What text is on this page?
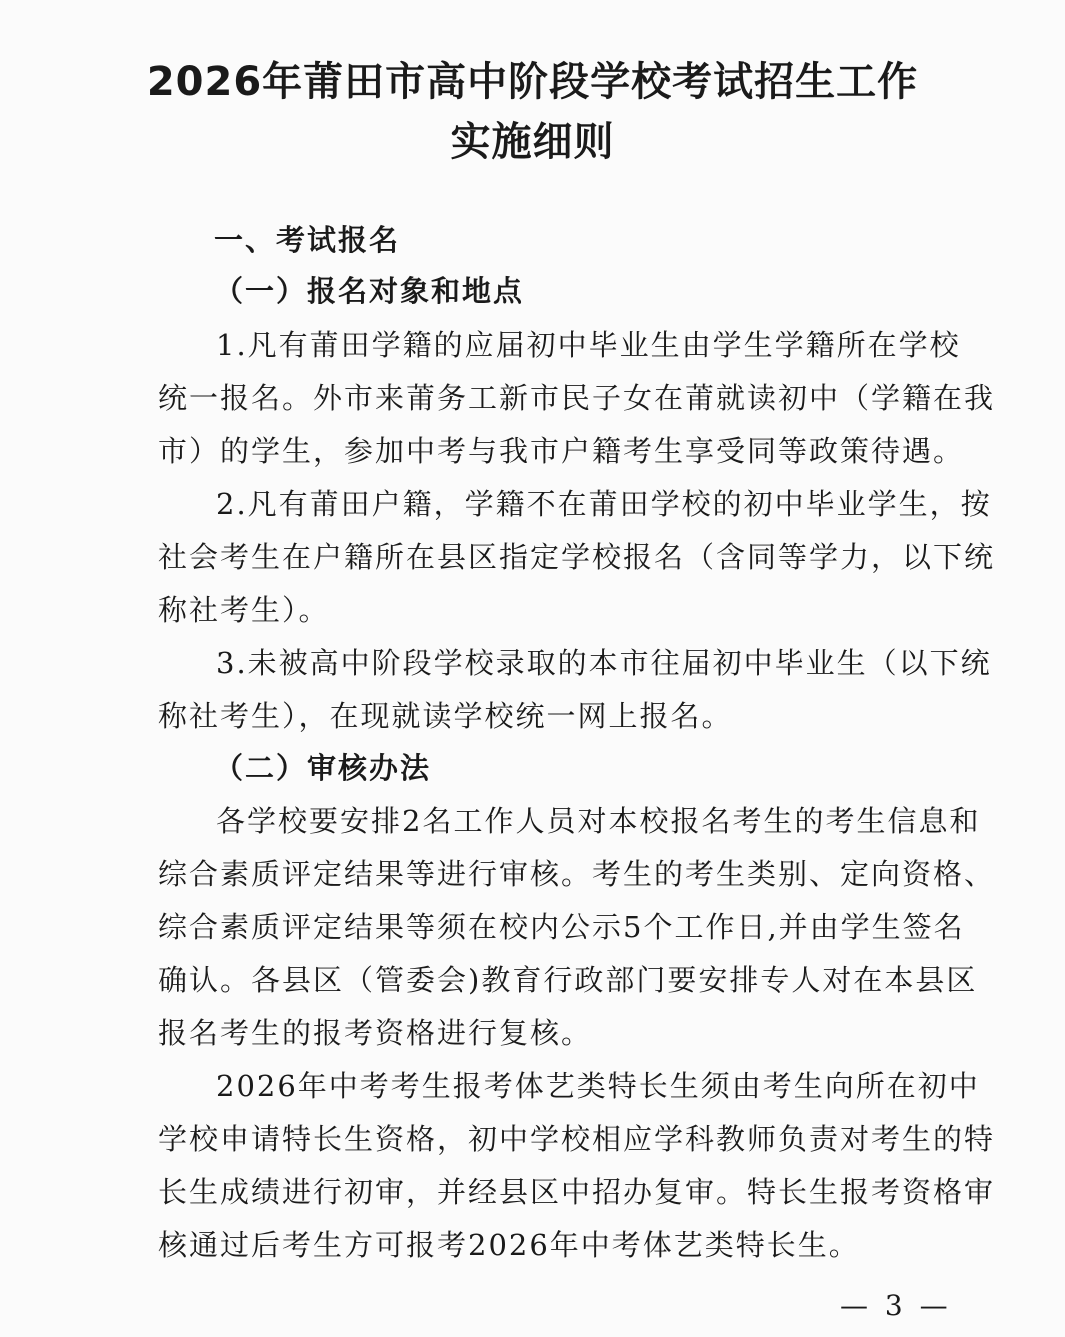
2026年莆田市高中阶段学校考试招生工作
实施细则
一、考试报名
（一）报名对象和地点

1.凡有莆田学籍的应届初中毕业生由学生学籍所在学校

统一报名。外市来莆务工新市民子女在莆就读初中（学籍在我

市）的学生，参加中考与我市户籍考生享受同等政策待遇。

2.凡有莆田户籍，学籍不在莆田学校的初中毕业学生，按

社会考生在户籍所在县区指定学校报名（含同等学力，以下统

称社考生）。

3.未被高中阶段学校录取的本市往届初中毕业生（以下统

称社考生），在现就读学校统一网上报名。

（二）审核办法

各学校要安排2名工作人员对本校报名考生的考生信息和

综合素质评定结果等进行审核。考生的考生类别、定向资格、

综合素质评定结果等须在校内公示5个工作日,并由学生签名

确认。各县区（管委会)教育行政部门要安排专人对在本县区

报名考生的报考资格进行复核。

2026年中考考生报考体艺类特长生须由考生向所在初中

学校申请特长生资格，初中学校相应学科教师负责对考生的特

长生成绩进行初审，并经县区中招办复审。特长生报考资格审

核通过后考生方可报考2026年中考体艺类特长生。

— 3 —
